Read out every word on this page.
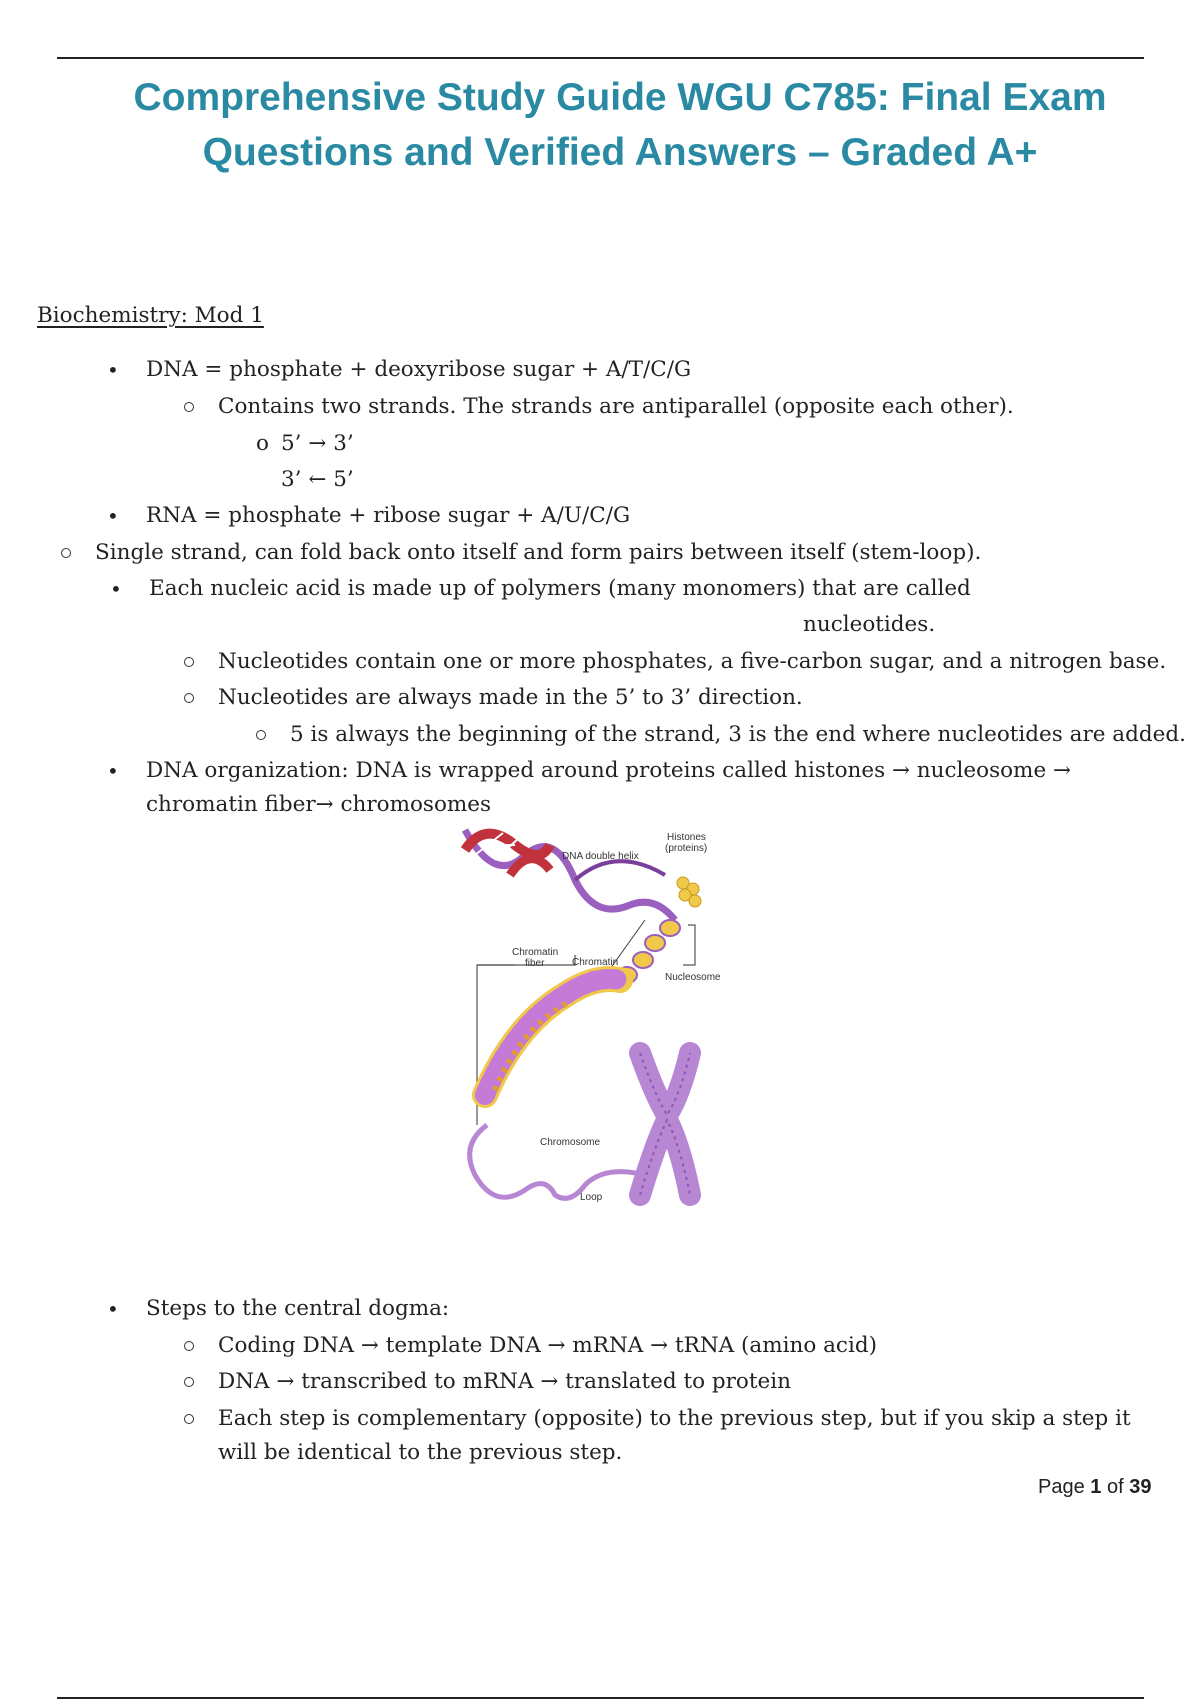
Comprehensive Study Guide WGU C785: Final Exam
Questions and Verified Answers – Graded A+
Biochemistry: Mod 1
• DNA = phosphate + deoxyribose sugar + A/T/C/G
Contains two strands. The strands are antiparallel (opposite each other).
o 5’ → 3’
3’ ← 5’
• RNA = phosphate + ribose sugar + A/U/C/G
Single strand, can fold back onto itself and form pairs between itself (stem-loop).
• Each nucleic acid is made up of polymers (many monomers) that are called
nucleotides.
Nucleotides contain one or more phosphates, a five-carbon sugar, and a nitrogen base.
Nucleotides are always made in the 5’ to 3’ direction.
5 is always the beginning of the strand, 3 is the end where nucleotides are added.
• DNA organization: DNA is wrapped around proteins called histones → nucleosome →
chromatin fiber→ chromosomes
DNA double helix
Histones
(proteins)
Chromatin
fiber	Chromatin
Nucleosome
Chromosome
Loop
• Steps to the central dogma:
Coding DNA → template DNA → mRNA → tRNA (amino acid)
DNA → transcribed to mRNA → translated to protein
Each step is complementary (opposite) to the previous step, but if you skip a step it
will be identical to the previous step.
Page 1 of 39
